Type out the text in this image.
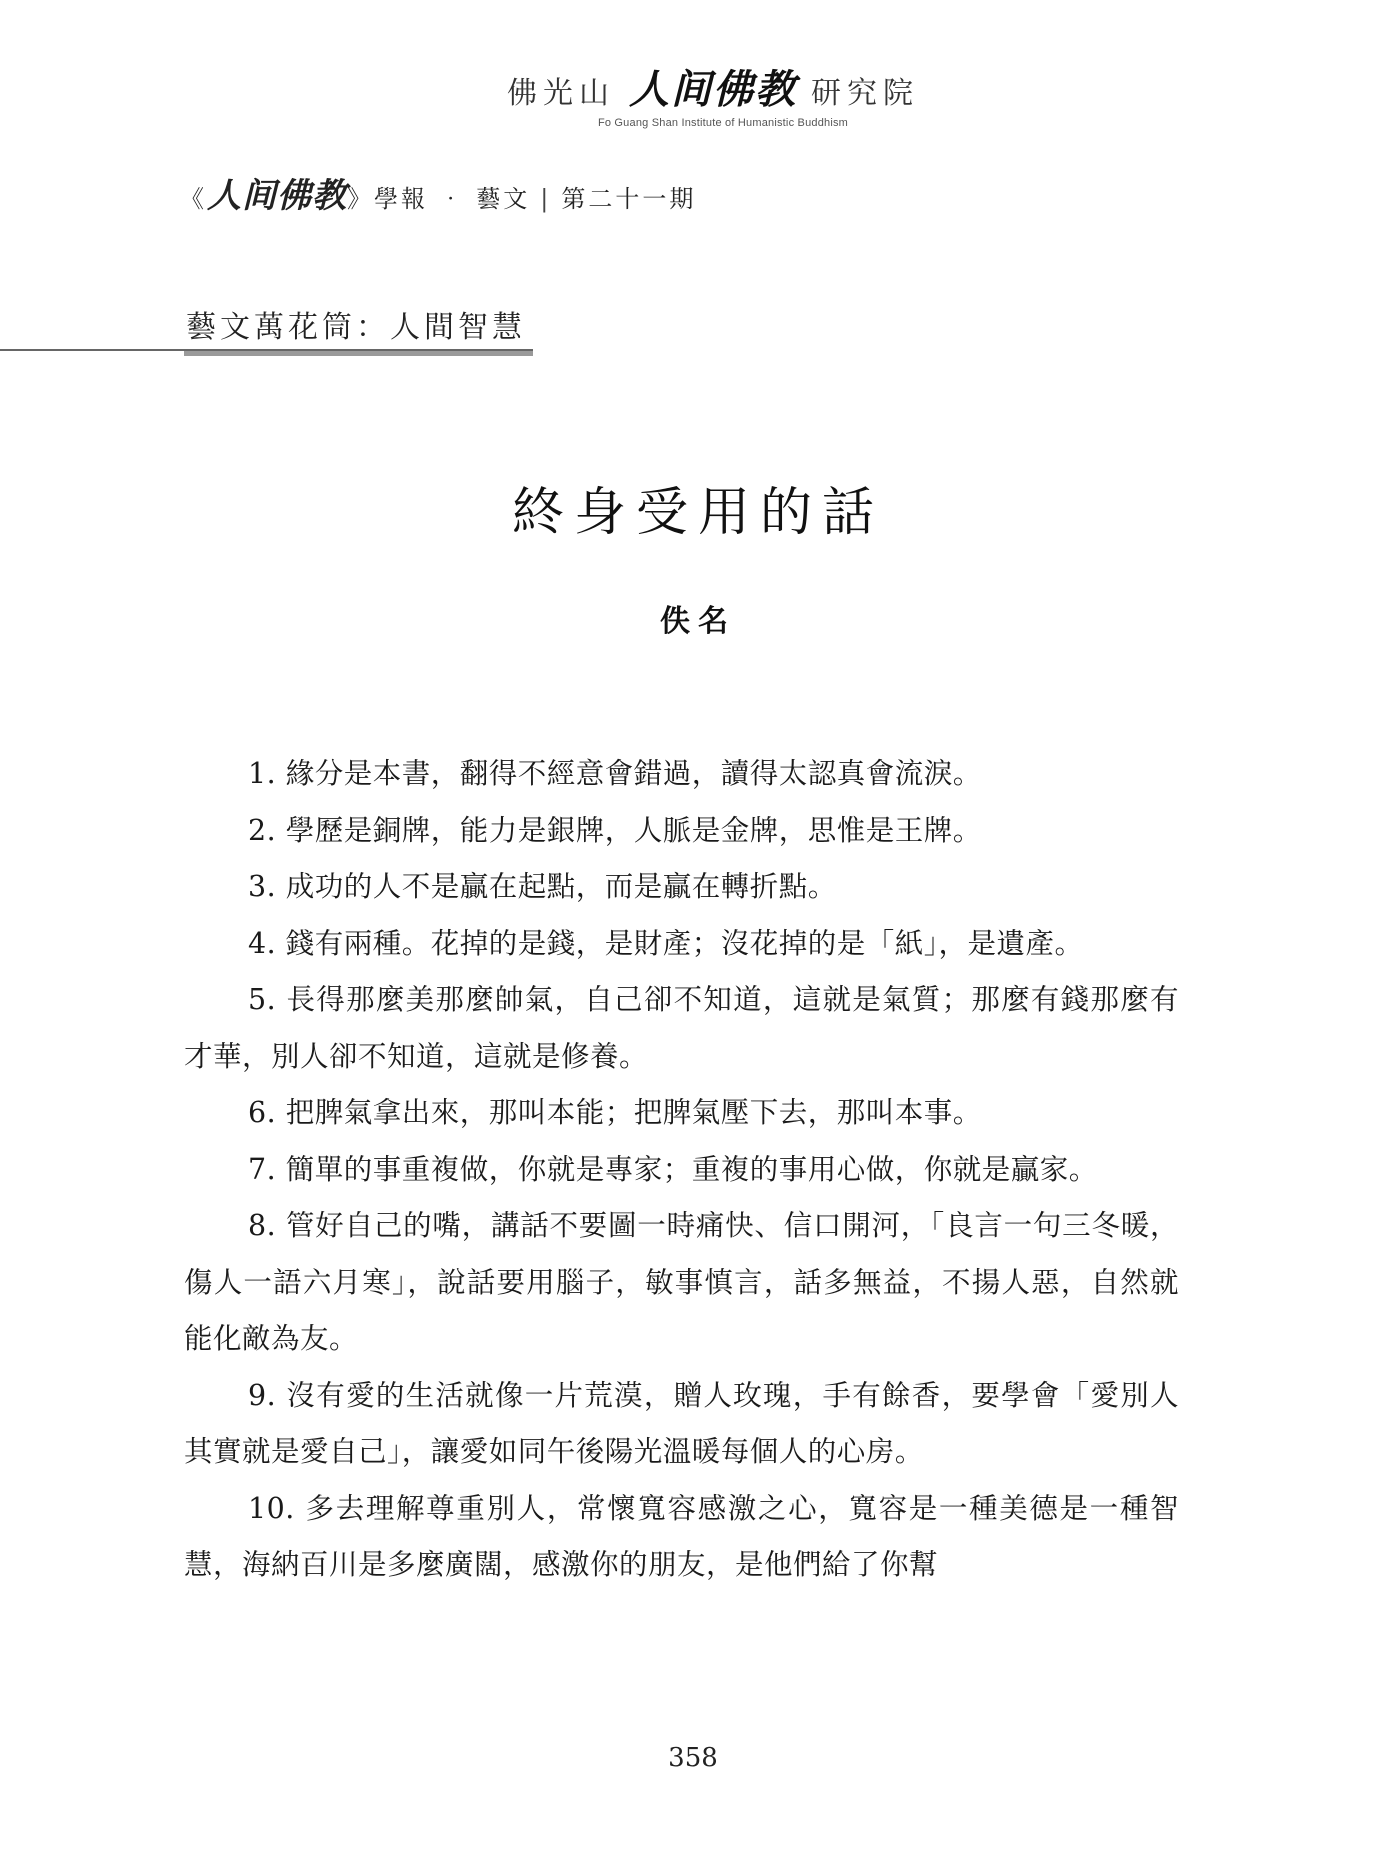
佛光山 人间佛教 研究院
Fo Guang Shan Institute of Humanistic Buddhism
《 人间佛教 》學報 ‧ 藝文 | 第二十一期
藝文萬花筒：人間智慧
終身受用的話
佚名

1. 緣分是本書，翻得不經意會錯過，讀得太認真會流淚。

2. 學歷是銅牌，能力是銀牌，人脈是金牌，思惟是王牌。

3. 成功的人不是贏在起點，而是贏在轉折點。

4. 錢有兩種。花掉的是錢，是財產；沒花掉的是「紙」，是遺產。

5. 長得那麼美那麼帥氣，自己卻不知道，這就是氣質；那麼有錢那麼有才華，別人卻不知道，這就是修養。

6. 把脾氣拿出來，那叫本能；把脾氣壓下去，那叫本事。

7. 簡單的事重複做，你就是專家；重複的事用心做，你就是贏家。

8. 管好自己的嘴，講話不要圖一時痛快、信口開河，「良言一句三冬暖，傷人一語六月寒」，說話要用腦子，敏事慎言，話多無益，不揚人惡，自然就能化敵為友。

9. 沒有愛的生活就像一片荒漠，贈人玫瑰，手有餘香，要學會「愛別人其實就是愛自己」，讓愛如同午後陽光溫暖每個人的心房。

10. 多去理解尊重別人，常懷寬容感激之心，寬容是一種美德是一種智慧，海納百川是多麼廣闊，感激你的朋友，是他們給了你幫

358
